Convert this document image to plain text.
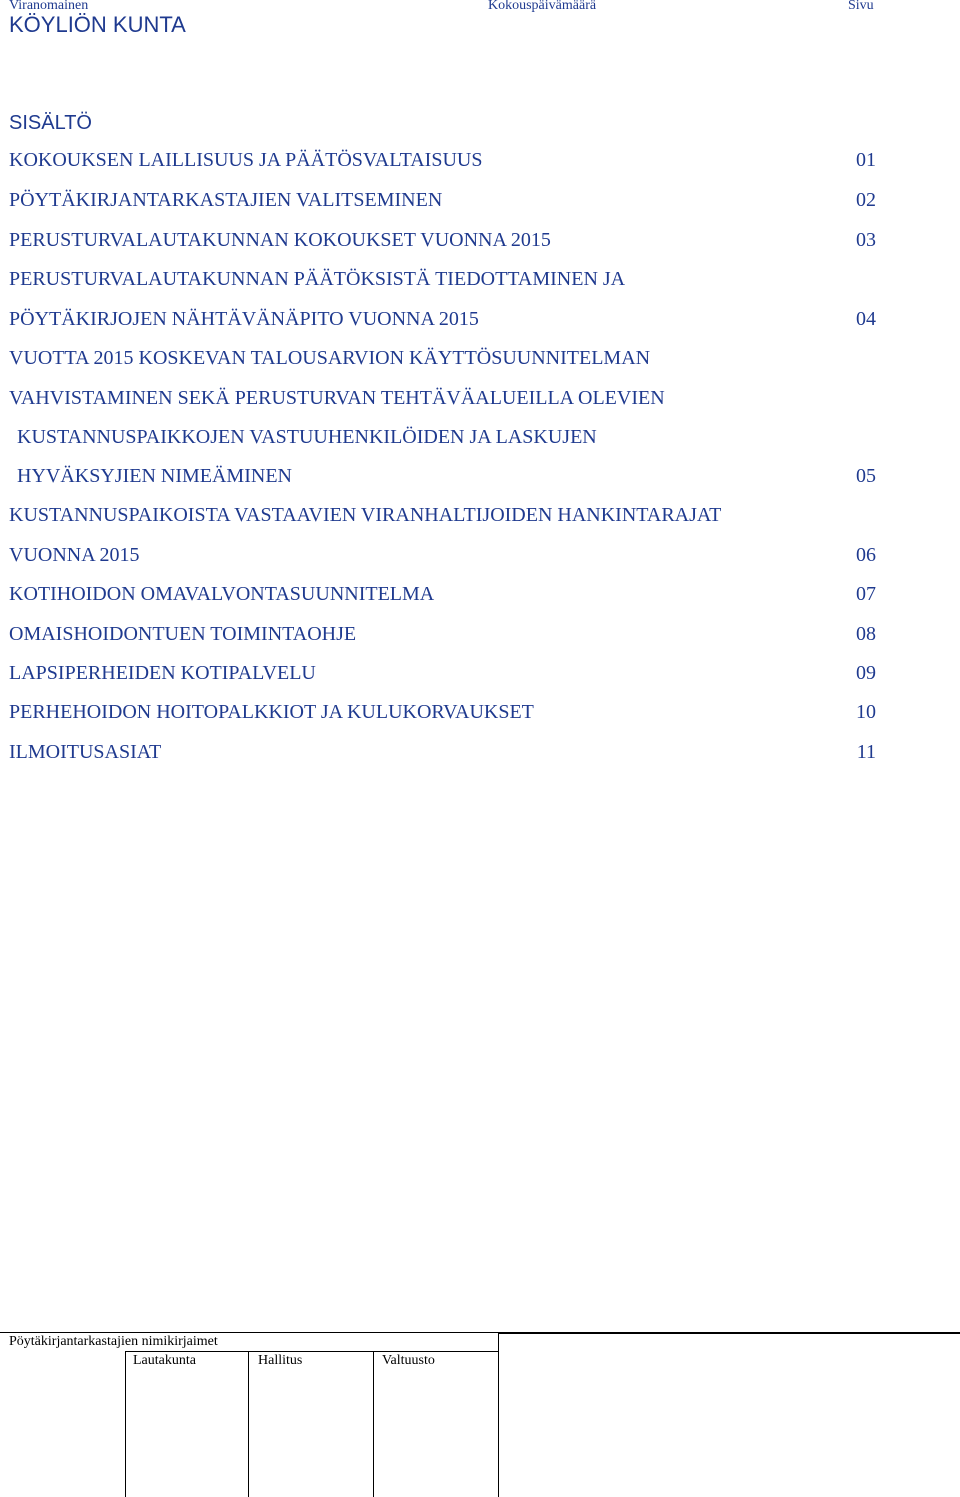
Viranomainen	Kokouspäivämäärä	Sivu
KÖYLIÖN KUNTA
SISÄLTÖ
KOKOUKSEN LAILLISUUS JA PÄÄTÖSVALTAISUUS	01
PÖYTÄKIRJANTARKASTAJIEN VALITSEMINEN	02
PERUSTURVALAUTAKUNNAN KOKOUKSET VUONNA 2015	03
PERUSTURVALAUTAKUNNAN PÄÄTÖKSISTÄ TIEDOTTAMINEN JA
PÖYTÄKIRJOJEN NÄHTÄVÄNÄPITO VUONNA 2015	04
VUOTTA 2015 KOSKEVAN TALOUSARVION KÄYTTÖSUUNNITELMAN
VAHVISTAMINEN SEKÄ PERUSTURVAN TEHTÄVÄALUEILLA OLEVIEN
KUSTANNUSPAIKKOJEN VASTUUHENKILÖIDEN JA LASKUJEN
HYVÄKSYJIEN NIMEÄMINEN	05
KUSTANNUSPAIKOISTA VASTAAVIEN VIRANHALTIJOIDEN HANKINTARAJAT
VUONNA 2015	06
KOTIHOIDON OMAVALVONTASUUNNITELMA	07
OMAISHOIDONTUEN TOIMINTAOHJE	08
LAPSIPERHEIDEN KOTIPALVELU	09
PERHEHOIDON HOITOPALKKIOT JA KULUKORVAUKSET	10
ILMOITUSASIAT	11
Pöytäkirjantarkastajien nimikirjaimet
Lautakunta	Hallitus	Valtuusto
